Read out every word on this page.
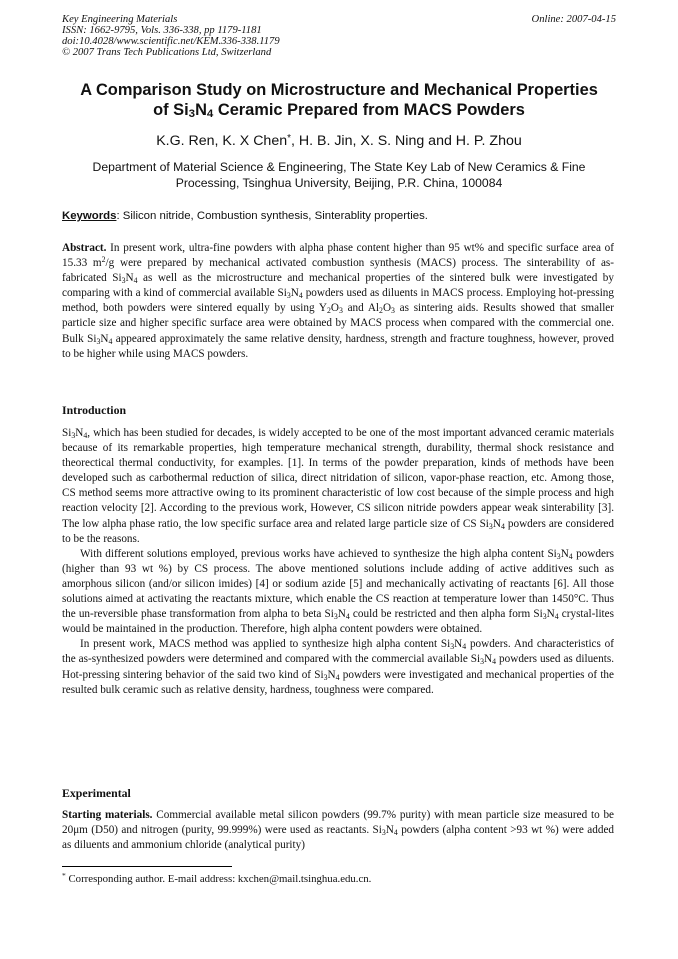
Key Engineering Materials
ISSN: 1662-9795, Vols. 336-338, pp 1179-1181
doi:10.4028/www.scientific.net/KEM.336-338.1179
© 2007 Trans Tech Publications Ltd, Switzerland
Online: 2007-04-15
A Comparison Study on Microstructure and Mechanical Properties
of $Si_3N_4$ Ceramic Prepared from MACS Powders
K.G. Ren, K. X Chen*, H. B. Jin, X. S. Ning and H. P. Zhou
Department of Material Science & Engineering, The State Key Lab of New Ceramics & Fine Processing, Tsinghua University, Beijing, P.R. China, 100084
Keywords: Silicon nitride, Combustion synthesis, Sinterablity properties.

Abstract. In present work, ultra-fine powders with alpha phase content higher than 95 wt% and specific surface area of 15.33 $m^2/g$ were prepared by mechanical activated combustion synthesis (MACS) process. The sinterability of as-fabricated $Si_3N_4$ as well as the microstructure and mechanical properties of the sintered bulk were investigated by comparing with a kind of commercial available $Si_3N_4$ powders used as diluents in MACS process. Employing hot-pressing method, both powders were sintered equally by using $Y_2O_3$ and $Al_2O_3$ as sintering aids. Results showed that smaller particle size and higher specific surface area were obtained by MACS process when compared with the commercial one. Bulk $Si_3N_4$ appeared approximately the same relative density, hardness, strength and fracture toughness, however, proved to be higher while using MACS powders.

Introduction

$Si_3N_4$, which has been studied for decades, is widely accepted to be one of the most important advanced ceramic materials because of its remarkable properties, high temperature mechanical strength, durability, thermal shock resistance and theorectical thermal conductivity, for examples. [1]. In terms of the powder preparation, kinds of methods have been developed such as carbothermal reduction of silica, direct nitridation of silicon, vapor-phase reaction, etc. Among those, CS method seems more attractive owing to its prominent characteristic of low cost because of the simple process and high reaction velocity [2]. According to the previous work, However, CS silicon nitride powders appear weak sinterability [3]. The low alpha phase ratio, the low specific surface area and related large particle size of CS $Si_3N_4$ powders are considered to be the reasons.

With different solutions employed, previous works have achieved to synthesize the high alpha content $Si_3N_4$ powders (higher than 93 wt %) by CS process. The above mentioned solutions include adding of active additives such as amorphous silicon (and/or silicon imides) [4] or sodium azide [5] and mechanically activating of reactants [6]. All those solutions aimed at activating the reactants mixture, which enable the CS reaction at temperature lower than 1450°C. Thus the un-reversible phase transformation from alpha to beta $Si_3N_4$ could be restricted and then alpha form $Si_3N_4$ crystal-lites would be maintained in the production. Therefore, high alpha content powders were obtained.

In present work, MACS method was applied to synthesize high alpha content $Si_3N_4$ powders. And characteristics of the as-synthesized powders were determined and compared with the commercial available $Si_3N_4$ powders used as diluents. Hot-pressing sintering behavior of the said two kind of $Si_3N_4$ powders were investigated and mechanical properties of the resulted bulk ceramic such as relative density, hardness, toughness were compared.

Experimental

Starting materials. Commercial available metal silicon powders (99.7% purity) with mean particle size measured to be 20μm (D50) and nitrogen (purity, 99.999%) were used as reactants. $Si_3N_4$ powders (alpha content >93 wt %) were added as diluents and ammonium chloride (analytical purity)

* Corresponding author. E-mail address: kxchen@mail.tsinghua.edu.cn.
